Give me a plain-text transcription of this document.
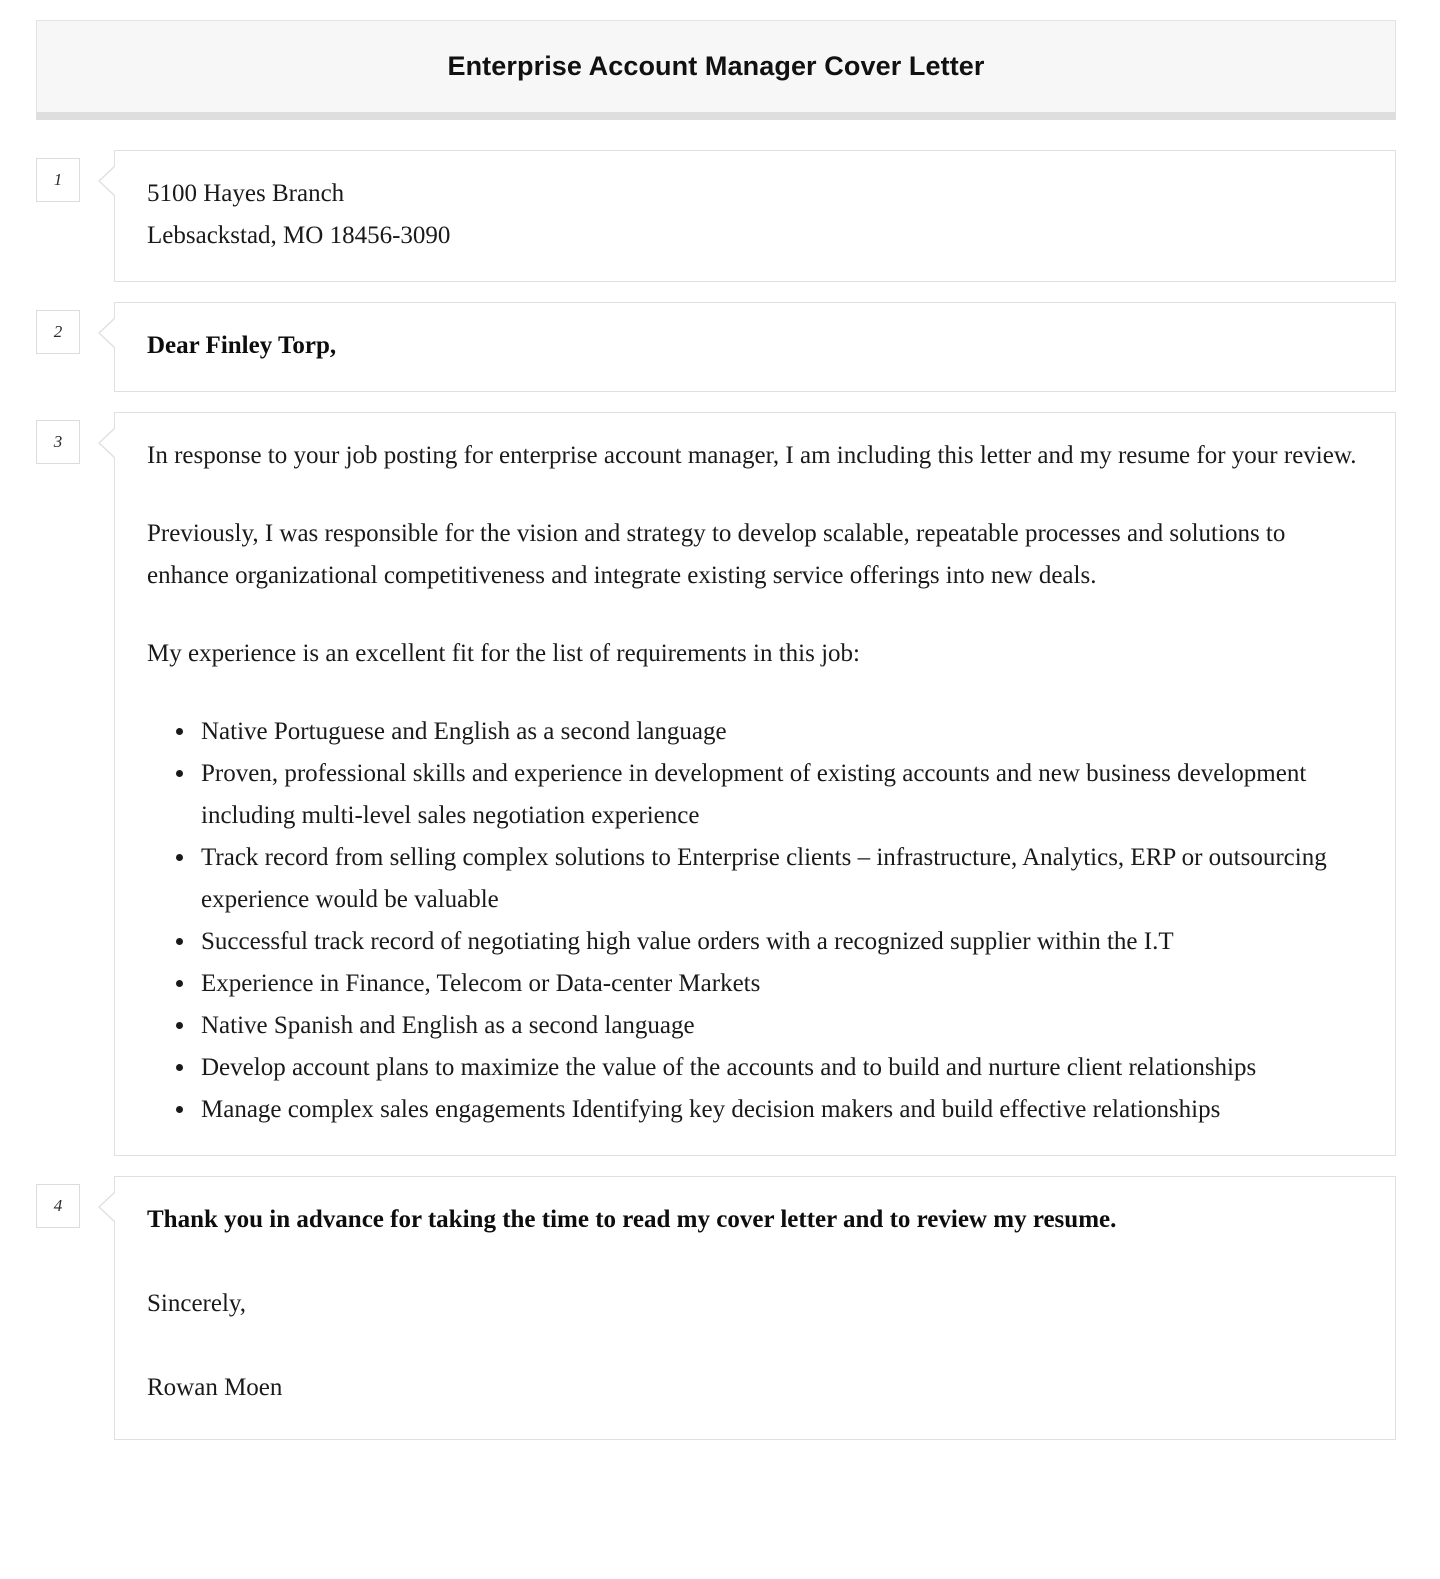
Enterprise Account Manager Cover Letter
1
5100 Hayes Branch
Lebsackstad, MO 18456-3090
2
Dear Finley Torp,
3

In response to your job posting for enterprise account manager, I am including this letter and my resume for your review.

Previously, I was responsible for the vision and strategy to develop scalable, repeatable processes and solutions to enhance organizational competitiveness and integrate existing service offerings into new deals.

My experience is an excellent fit for the list of requirements in this job:

• Native Portuguese and English as a second language
• Proven, professional skills and experience in development of existing accounts and new business development including multi-level sales negotiation experience
• Track record from selling complex solutions to Enterprise clients – infrastructure, Analytics, ERP or outsourcing experience would be valuable
• Successful track record of negotiating high value orders with a recognized supplier within the I.T
• Experience in Finance, Telecom or Data-center Markets
• Native Spanish and English as a second language
• Develop account plans to maximize the value of the accounts and to build and nurture client relationships
• Manage complex sales engagements Identifying key decision makers and build effective relationships
4

Thank you in advance for taking the time to read my cover letter and to review my resume.

Sincerely,

Rowan Moen
